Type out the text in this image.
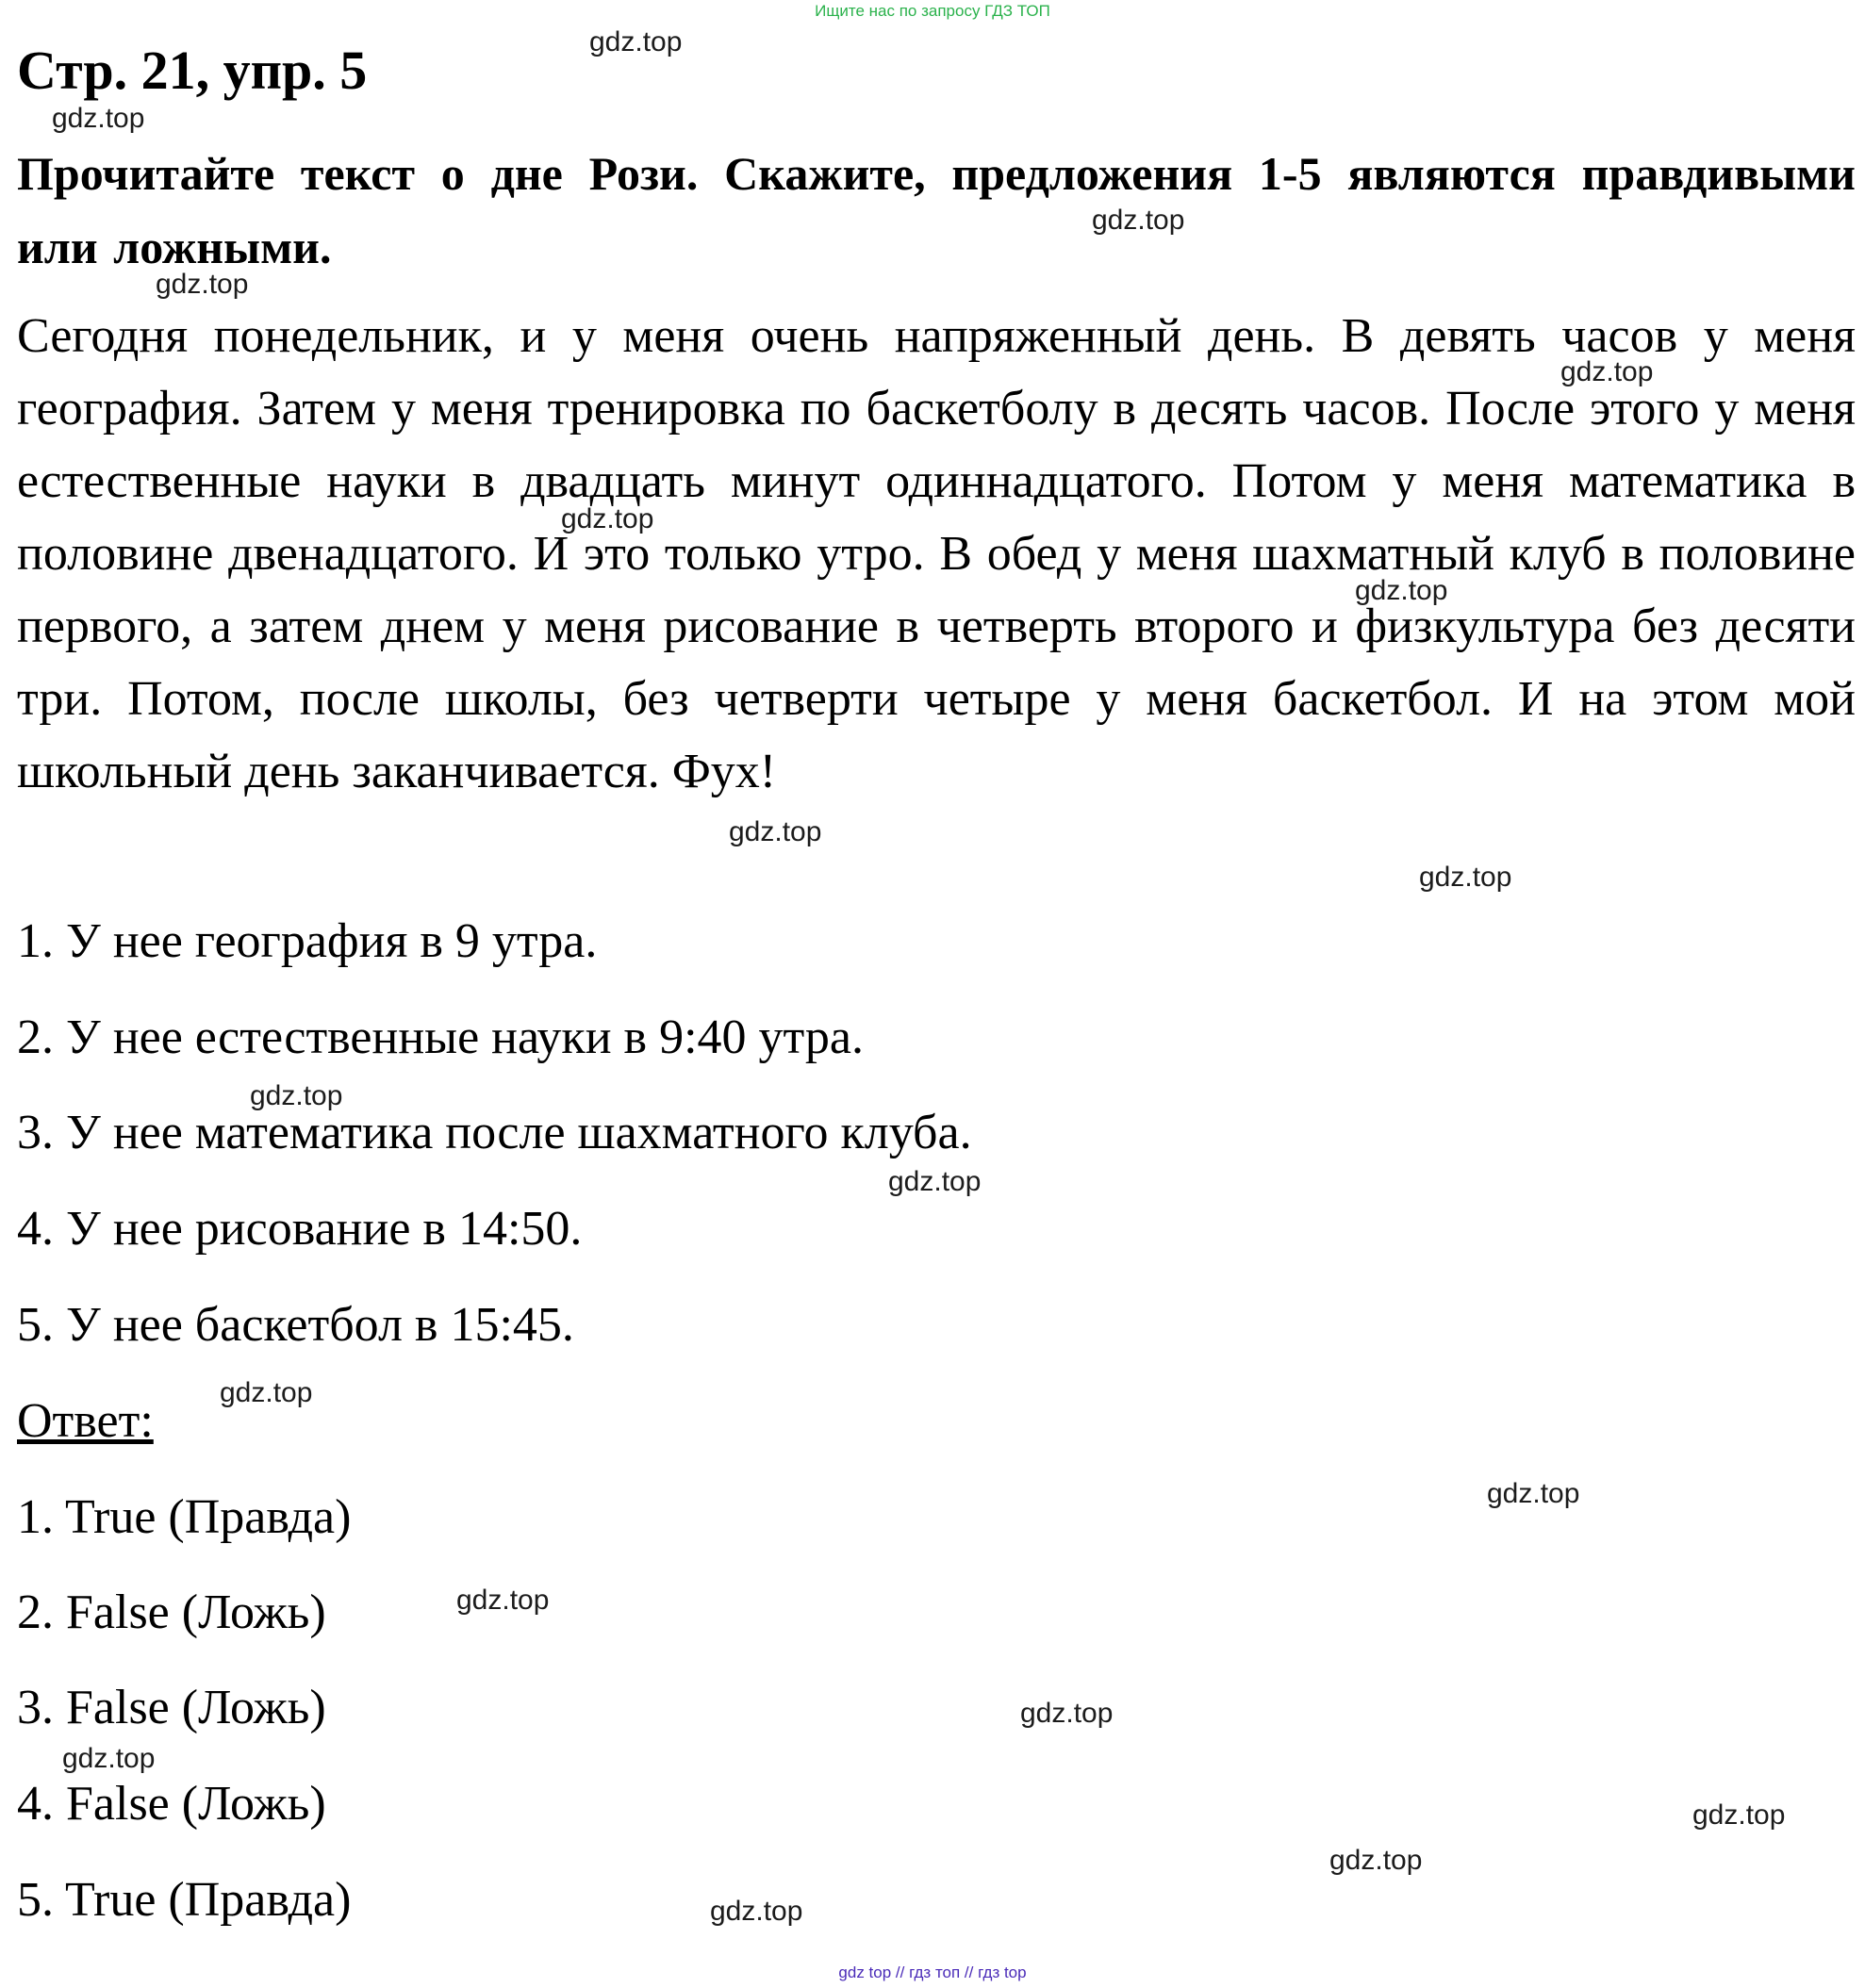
Ищите нас по запросу ГДЗ ТОП
Стр. 21, упр. 5
Прочитайте текст о дне Рози. Скажите, предложения 1-5 являются правдивыми или ложными.
Сегодня понедельник, и у меня очень напряженный день. В девять часов у меня география. Затем у меня тренировка по баскетболу в десять часов. После этого у меня естественные науки в двадцать минут одиннадцатого. Потом у меня математика в половине двенадцатого. И это только утро. В обед у меня шахматный клуб в половине первого, а затем днем у меня рисование в четверть второго и физкультура без десяти три. Потом, после школы, без четверти четыре у меня баскетбол. И на этом мой школьный день заканчивается. Фух!
1. У нее география в 9 утра.
2. У нее естественные науки в 9:40 утра.
3. У нее математика после шахматного клуба.
4. У нее рисование в 14:50.
5. У нее баскетбол в 15:45.
Ответ:
1. True (Правда)
2. False (Ложь)
3. False (Ложь)
4. False (Ложь)
5. True (Правда)
gdz.top
gdz.top
gdz.top
gdz.top
gdz.top
gdz.top
gdz.top
gdz.top
gdz.top
gdz.top
gdz.top
gdz.top
gdz.top
gdz.top
gdz.top
gdz.top
gdz.top
gdz.top
gdz.top
gdz top // гдз топ // гдз top
